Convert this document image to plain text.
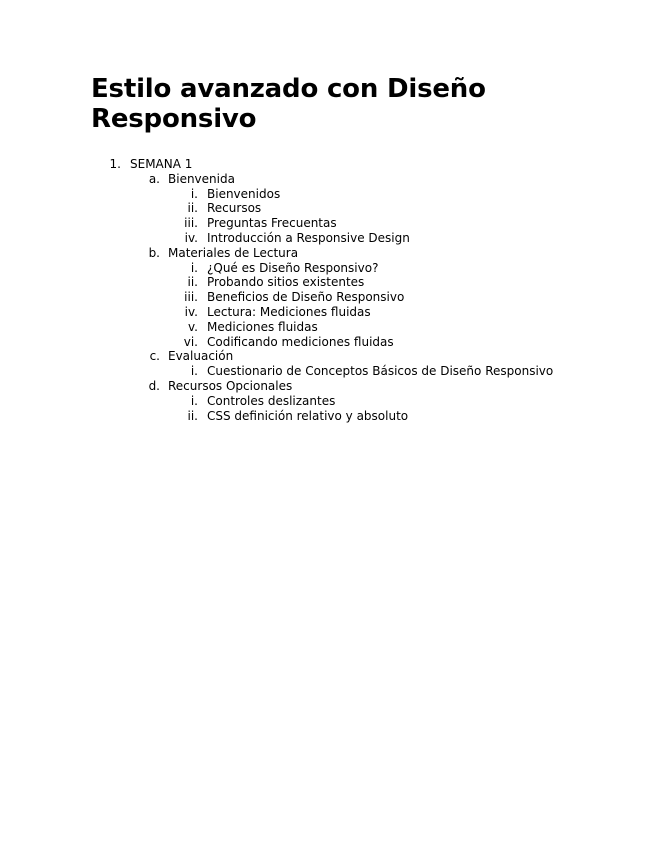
Estilo avanzado con Diseño Responsivo
1. SEMANA 1
a. Bienvenida
i. Bienvenidos
ii. Recursos
iii. Preguntas Frecuentas
iv. Introducción a Responsive Design
b. Materiales de Lectura
i. ¿Qué es Diseño Responsivo?
ii. Probando sitios existentes
iii. Beneficios de Diseño Responsivo
iv. Lectura: Mediciones fluidas
v. Mediciones fluidas
vi. Codificando mediciones fluidas
c. Evaluación
i. Cuestionario de Conceptos Básicos de Diseño Responsivo
d. Recursos Opcionales
i. Controles deslizantes
ii. CSS definición relativo y absoluto
